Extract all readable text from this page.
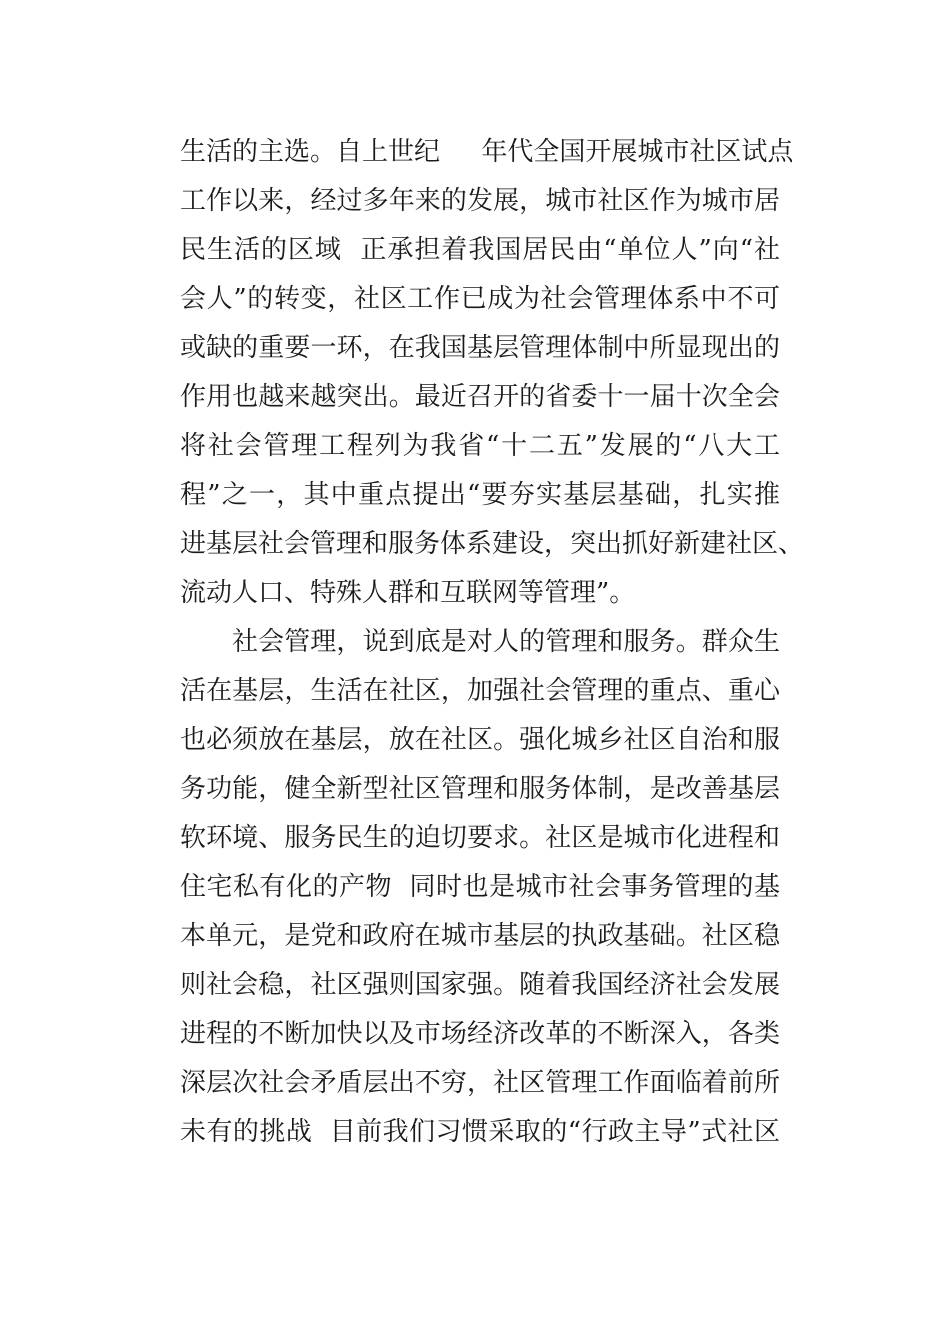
生活的主选。自上世纪     年代全国开展城市社区试点
工作以来，经过多年来的发展，城市社区作为城市居
民生活的区域  正承担着我国居民由“单位人”向“社
会人”的转变，社区工作已成为社会管理体系中不可
或缺的重要一环，在我国基层管理体制中所显现出的
作用也越来越突出。最近召开的省委十一届十次全会
将社会管理工程列为我省“十二五”发展的“八大工
程”之一，其中重点提出“要夯实基层基础，扎实推
进基层社会管理和服务体系建设，突出抓好新建社区、
流动人口、特殊人群和互联网等管理”。
社会管理，说到底是对人的管理和服务。群众生
活在基层，生活在社区，加强社会管理的重点、重心
也必须放在基层，放在社区。强化城乡社区自治和服
务功能，健全新型社区管理和服务体制，是改善基层
软环境、服务民生的迫切要求。社区是城市化进程和
住宅私有化的产物  同时也是城市社会事务管理的基
本单元，是党和政府在城市基层的执政基础。社区稳
则社会稳，社区强则国家强。随着我国经济社会发展
进程的不断加快以及市场经济改革的不断深入，各类
深层次社会矛盾层出不穷，社区管理工作面临着前所
未有的挑战  目前我们习惯采取的“行政主导”式社区
